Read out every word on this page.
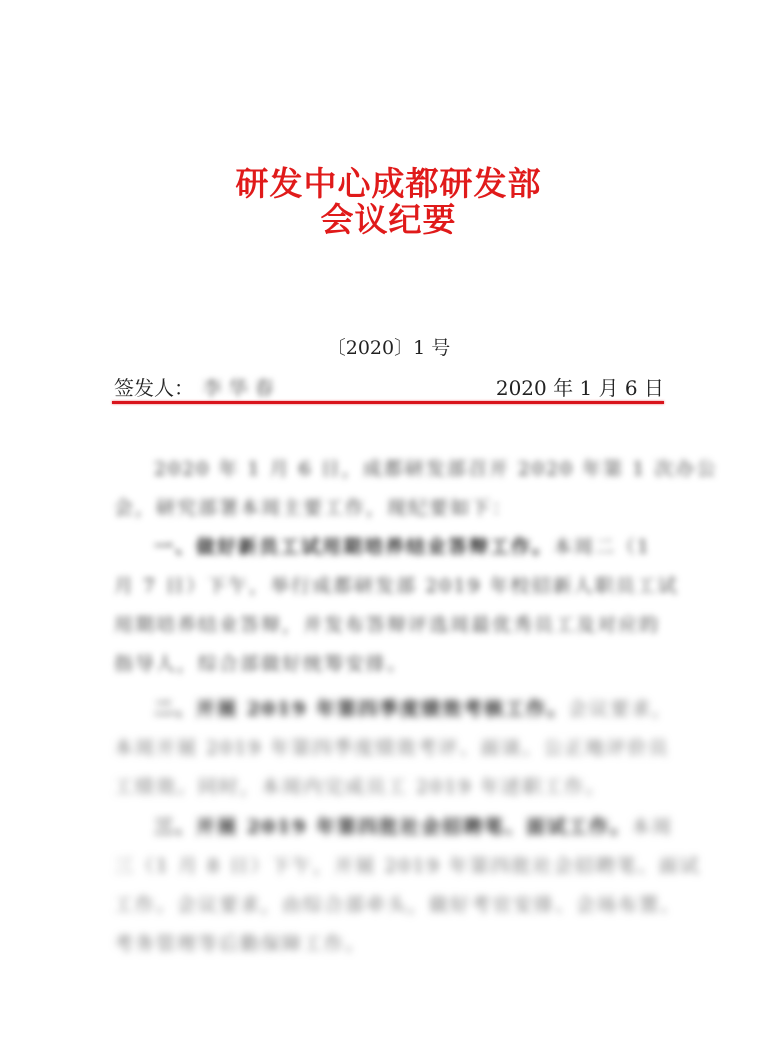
研发中心成都研发部
会议纪要
〔2020〕1 号
签发人： 李华春	2020 年 1 月 6 日
2020 年 1 月 6 日，成都研发部召开 2020 年第 1 次办公
会，研究部署本周主要工作，现纪要如下：
一、做好新员工试用期培养结业答辩工作。本周二（1
月 7 日）下午，举行成都研发部 2019 年校招新人职员工试
用期培养结业答辩，并发布答辩评选周最优秀员工及对应的
指导人，综合部做好统筹安排。
二、开展 2019 年第四季度绩效考核工作。会议要求，
本周开展 2019 年第四季度绩效考评、面谈、公正地评价员
工绩效。同时，本周内完成员工 2019 年述职工作。
三、开展 2019 年第四批社会招聘笔、面试工作。本周
三（1 月 8 日）下午，开展 2019 年第四批社会招聘笔、面试
工作。会议要求，由综合部牵头，做好考官安排、会场布置、
考务管理等后勤保障工作。
